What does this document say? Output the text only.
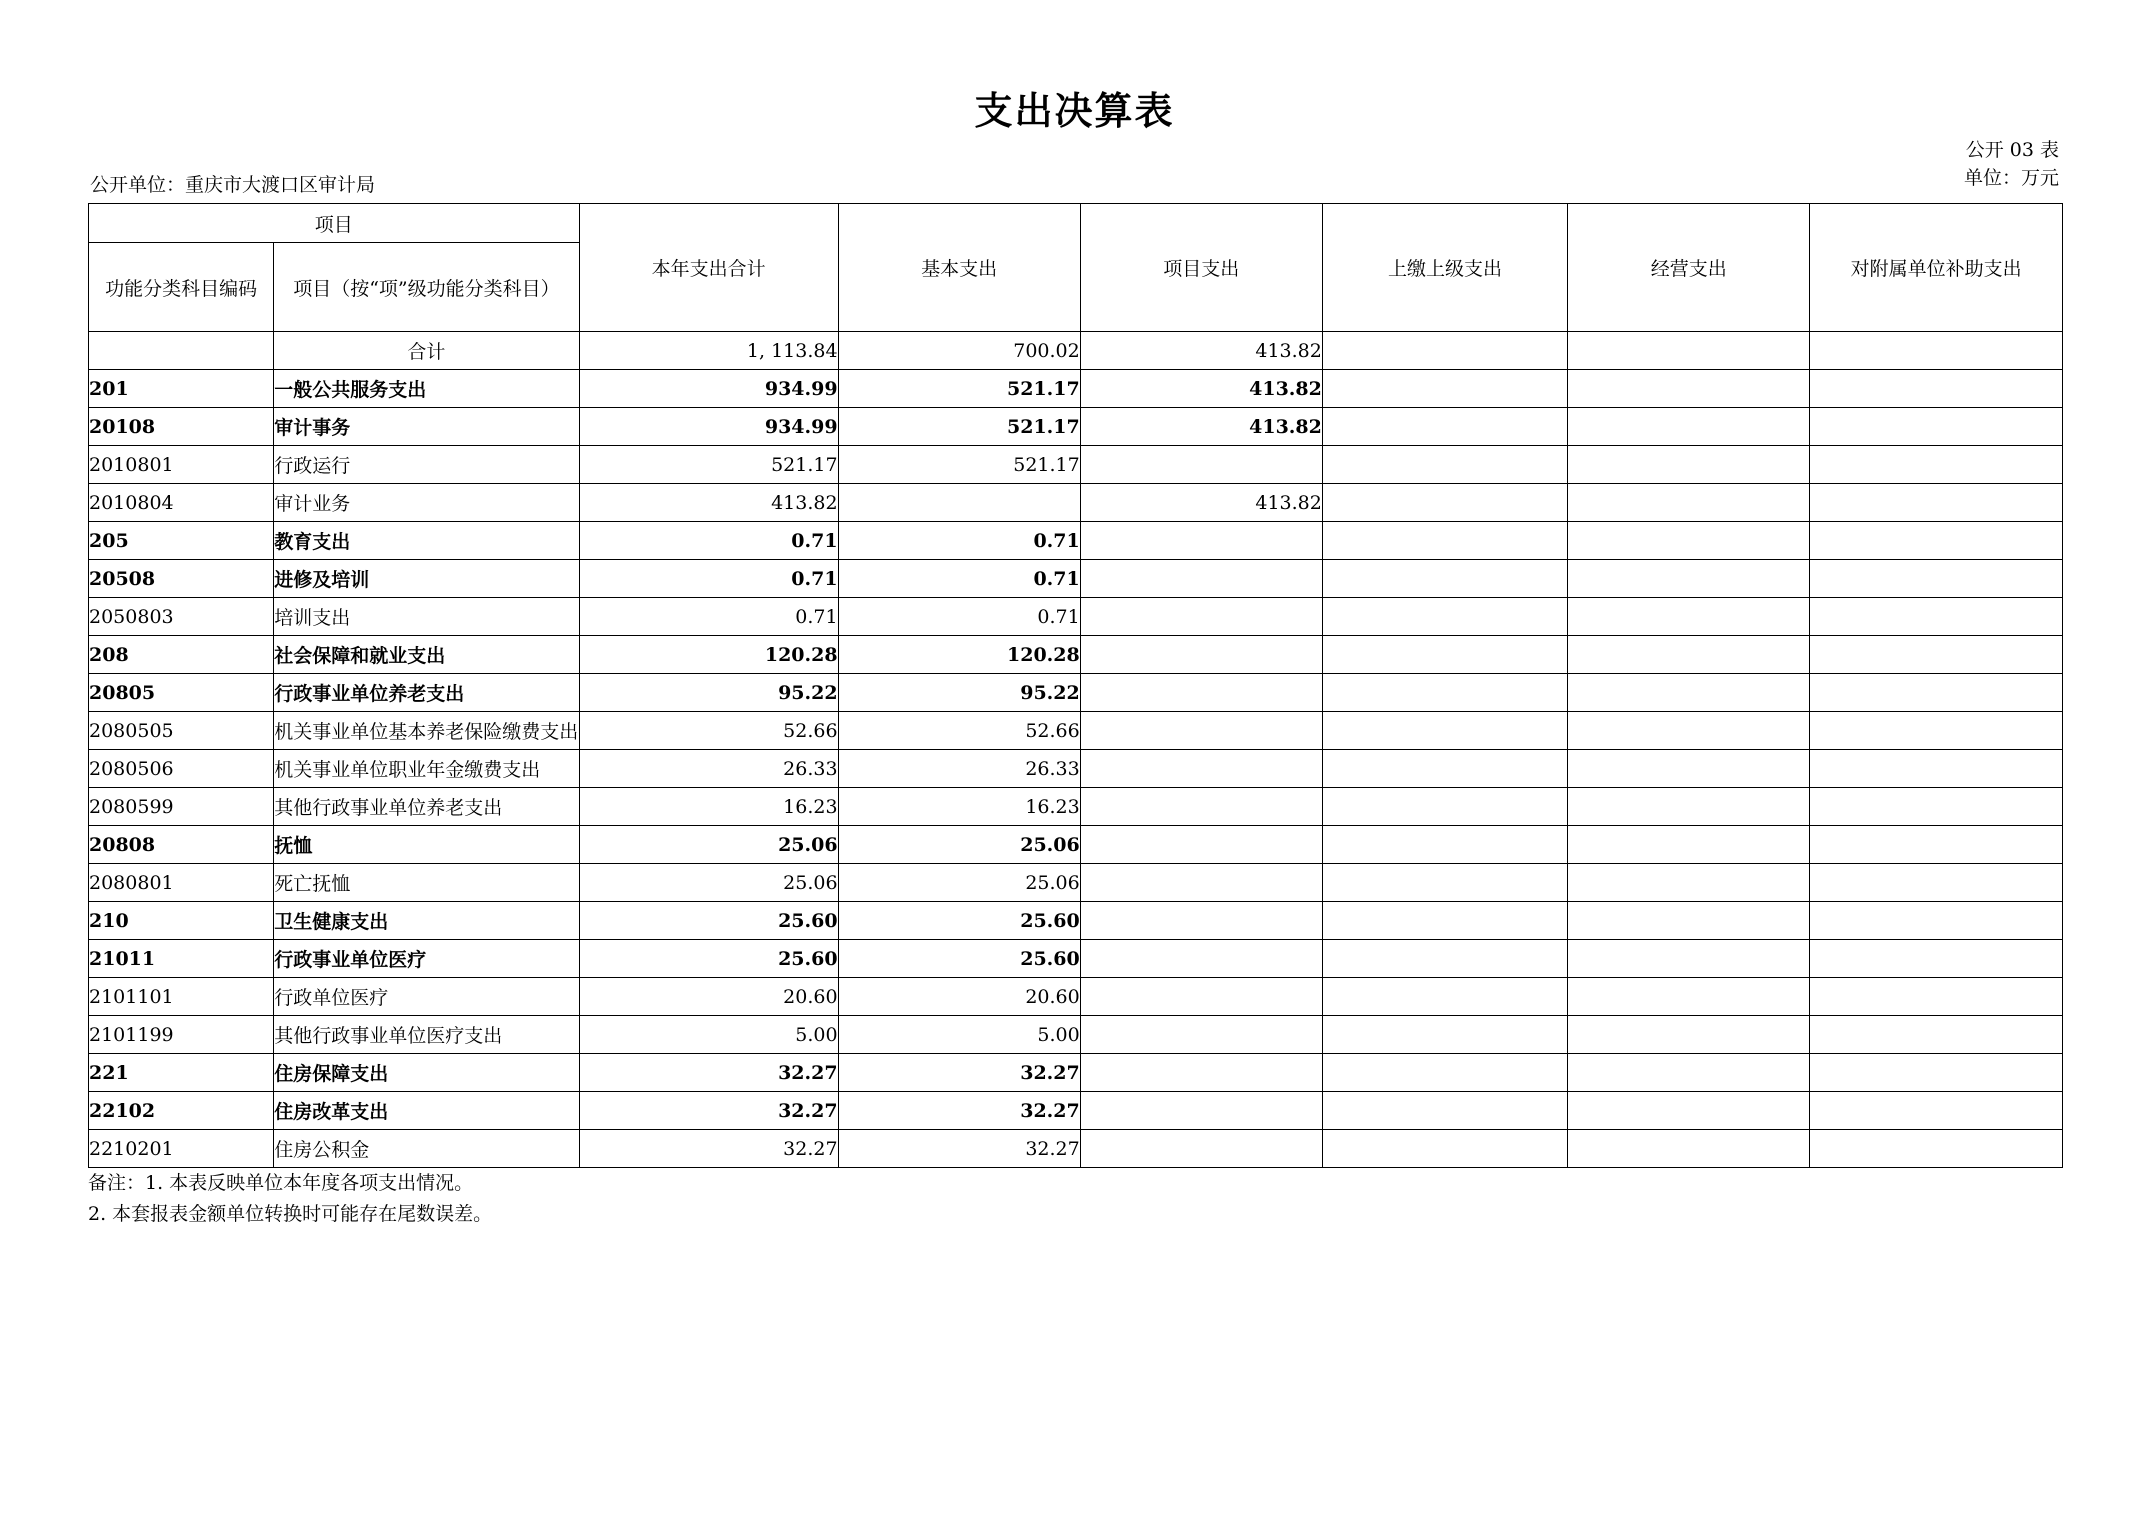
支出决算表
公开 03 表
单位：万元
公开单位：重庆市大渡口区审计局
项目		本年支出合计	基本支出	项目支出	上缴上级支出	经营支出	对附属单位补助支出
功能分类科目编码	项目（按“项”级功能分类科目）						
	合计	1, 113.84	700.02	413.82			
201	一般公共服务支出	934.99	521.17	413.82			
20108	审计事务	934.99	521.17	413.82			
2010801	行政运行	521.17	521.17				
2010804	审计业务	413.82		413.82			
205	教育支出	0.71	0.71				
20508	进修及培训	0.71	0.71				
2050803	培训支出	0.71	0.71				
208	社会保障和就业支出	120.28	120.28				
20805	行政事业单位养老支出	95.22	95.22				
2080505	机关事业单位基本养老保险缴费支出	52.66	52.66				
2080506	机关事业单位职业年金缴费支出	26.33	26.33				
2080599	其他行政事业单位养老支出	16.23	16.23				
20808	抚恤	25.06	25.06				
2080801	死亡抚恤	25.06	25.06				
210	卫生健康支出	25.60	25.60				
21011	行政事业单位医疗	25.60	25.60				
2101101	行政单位医疗	20.60	20.60				
2101199	其他行政事业单位医疗支出	5.00	5.00				
221	住房保障支出	32.27	32.27				
22102	住房改革支出	32.27	32.27				
2210201	住房公积金	32.27	32.27				
备注：1. 本表反映单位本年度各项支出情况。
2. 本套报表金额单位转换时可能存在尾数误差。
